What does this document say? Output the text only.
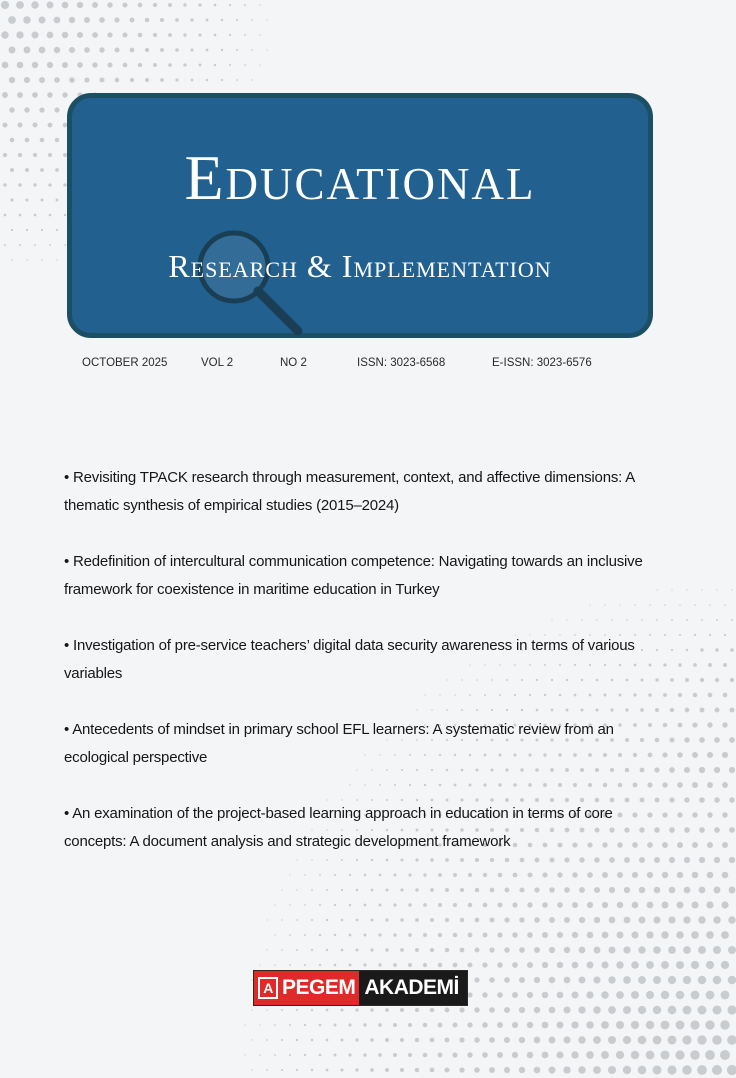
Educational
Research & Implementation
OCTOBER 2025	VOL 2	NO 2	ISSN: 3023-6568	E-ISSN: 3023-6576
• Revisiting TPACK research through measurement, context, and affective dimensions: A thematic synthesis of empirical studies (2015–2024)
• Redefinition of intercultural communication competence: Navigating towards an inclusive framework for coexistence in maritime education in Turkey
• Investigation of pre-service teachers’ digital data security awareness in terms of various variables
• Antecedents of mindset in primary school EFL learners: A systematic review from an ecological perspective
• An examination of the project-based learning approach in education in terms of core concepts: A document analysis and strategic development framework
A PEGEM AKADEMİ
